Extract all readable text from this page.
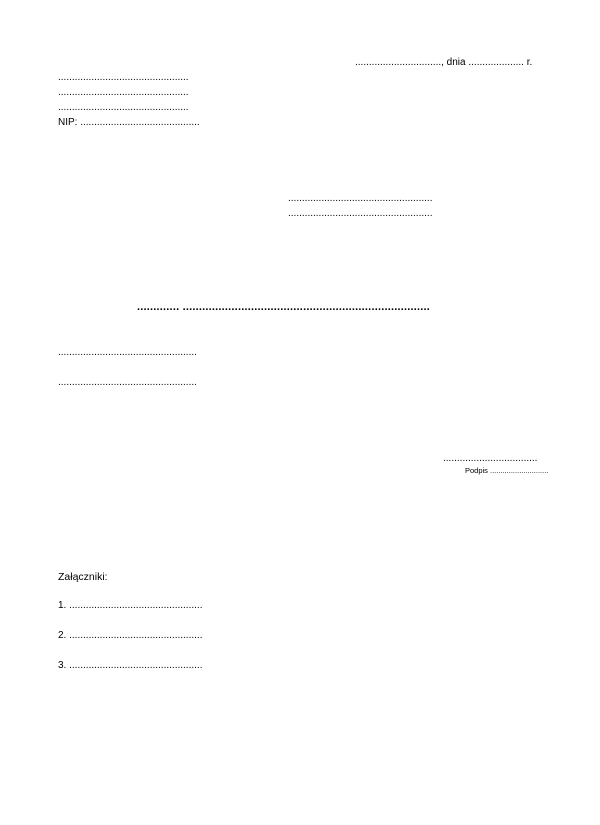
..............................., dnia .................... r.
...............................................
...............................................
...............................................
NIP: ...........................................
....................................................
....................................................
............. ............................................................................
..................................................
..................................................
..................................
Podpis ............................
Załączniki:
1. ................................................
2. ................................................
3. ................................................
